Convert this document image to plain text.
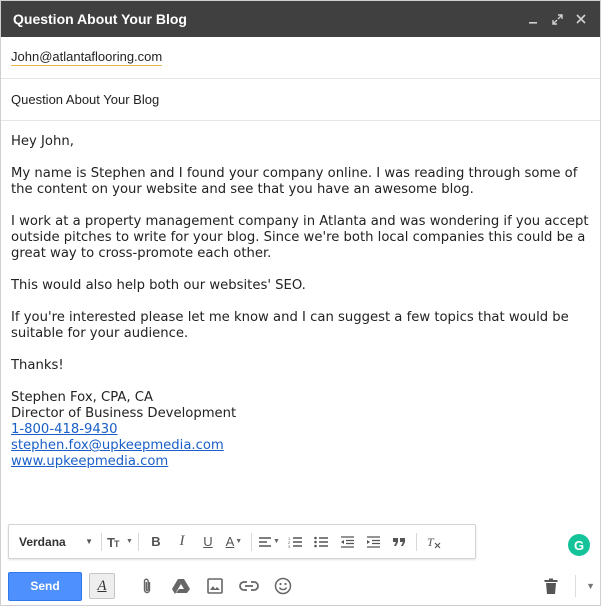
Question About Your Blog
John@atlantaflooring.com
Question About Your Blog

Hey John,

My name is Stephen and I found your company online. I was reading through some of the content on your website and see that you have an awesome blog.

I work at a property management company in Atlanta and was wondering if you accept outside pitches to write for your blog. Since we're both local companies this could be a great way to cross-promote each other.

This would also help both our websites' SEO.

If you're interested please let me know and I can suggest a few topics that would be suitable for your audience.

Thanks!

Stephen Fox, CPA, CA
Director of Business Development
1-800-418-9430
stephen.fox@upkeepmedia.com
www.upkeepmedia.com
Verdana ▼ T T ▼	B	I	U	A ▼	▼ 1
2
3	T	G
Send	A	▼
